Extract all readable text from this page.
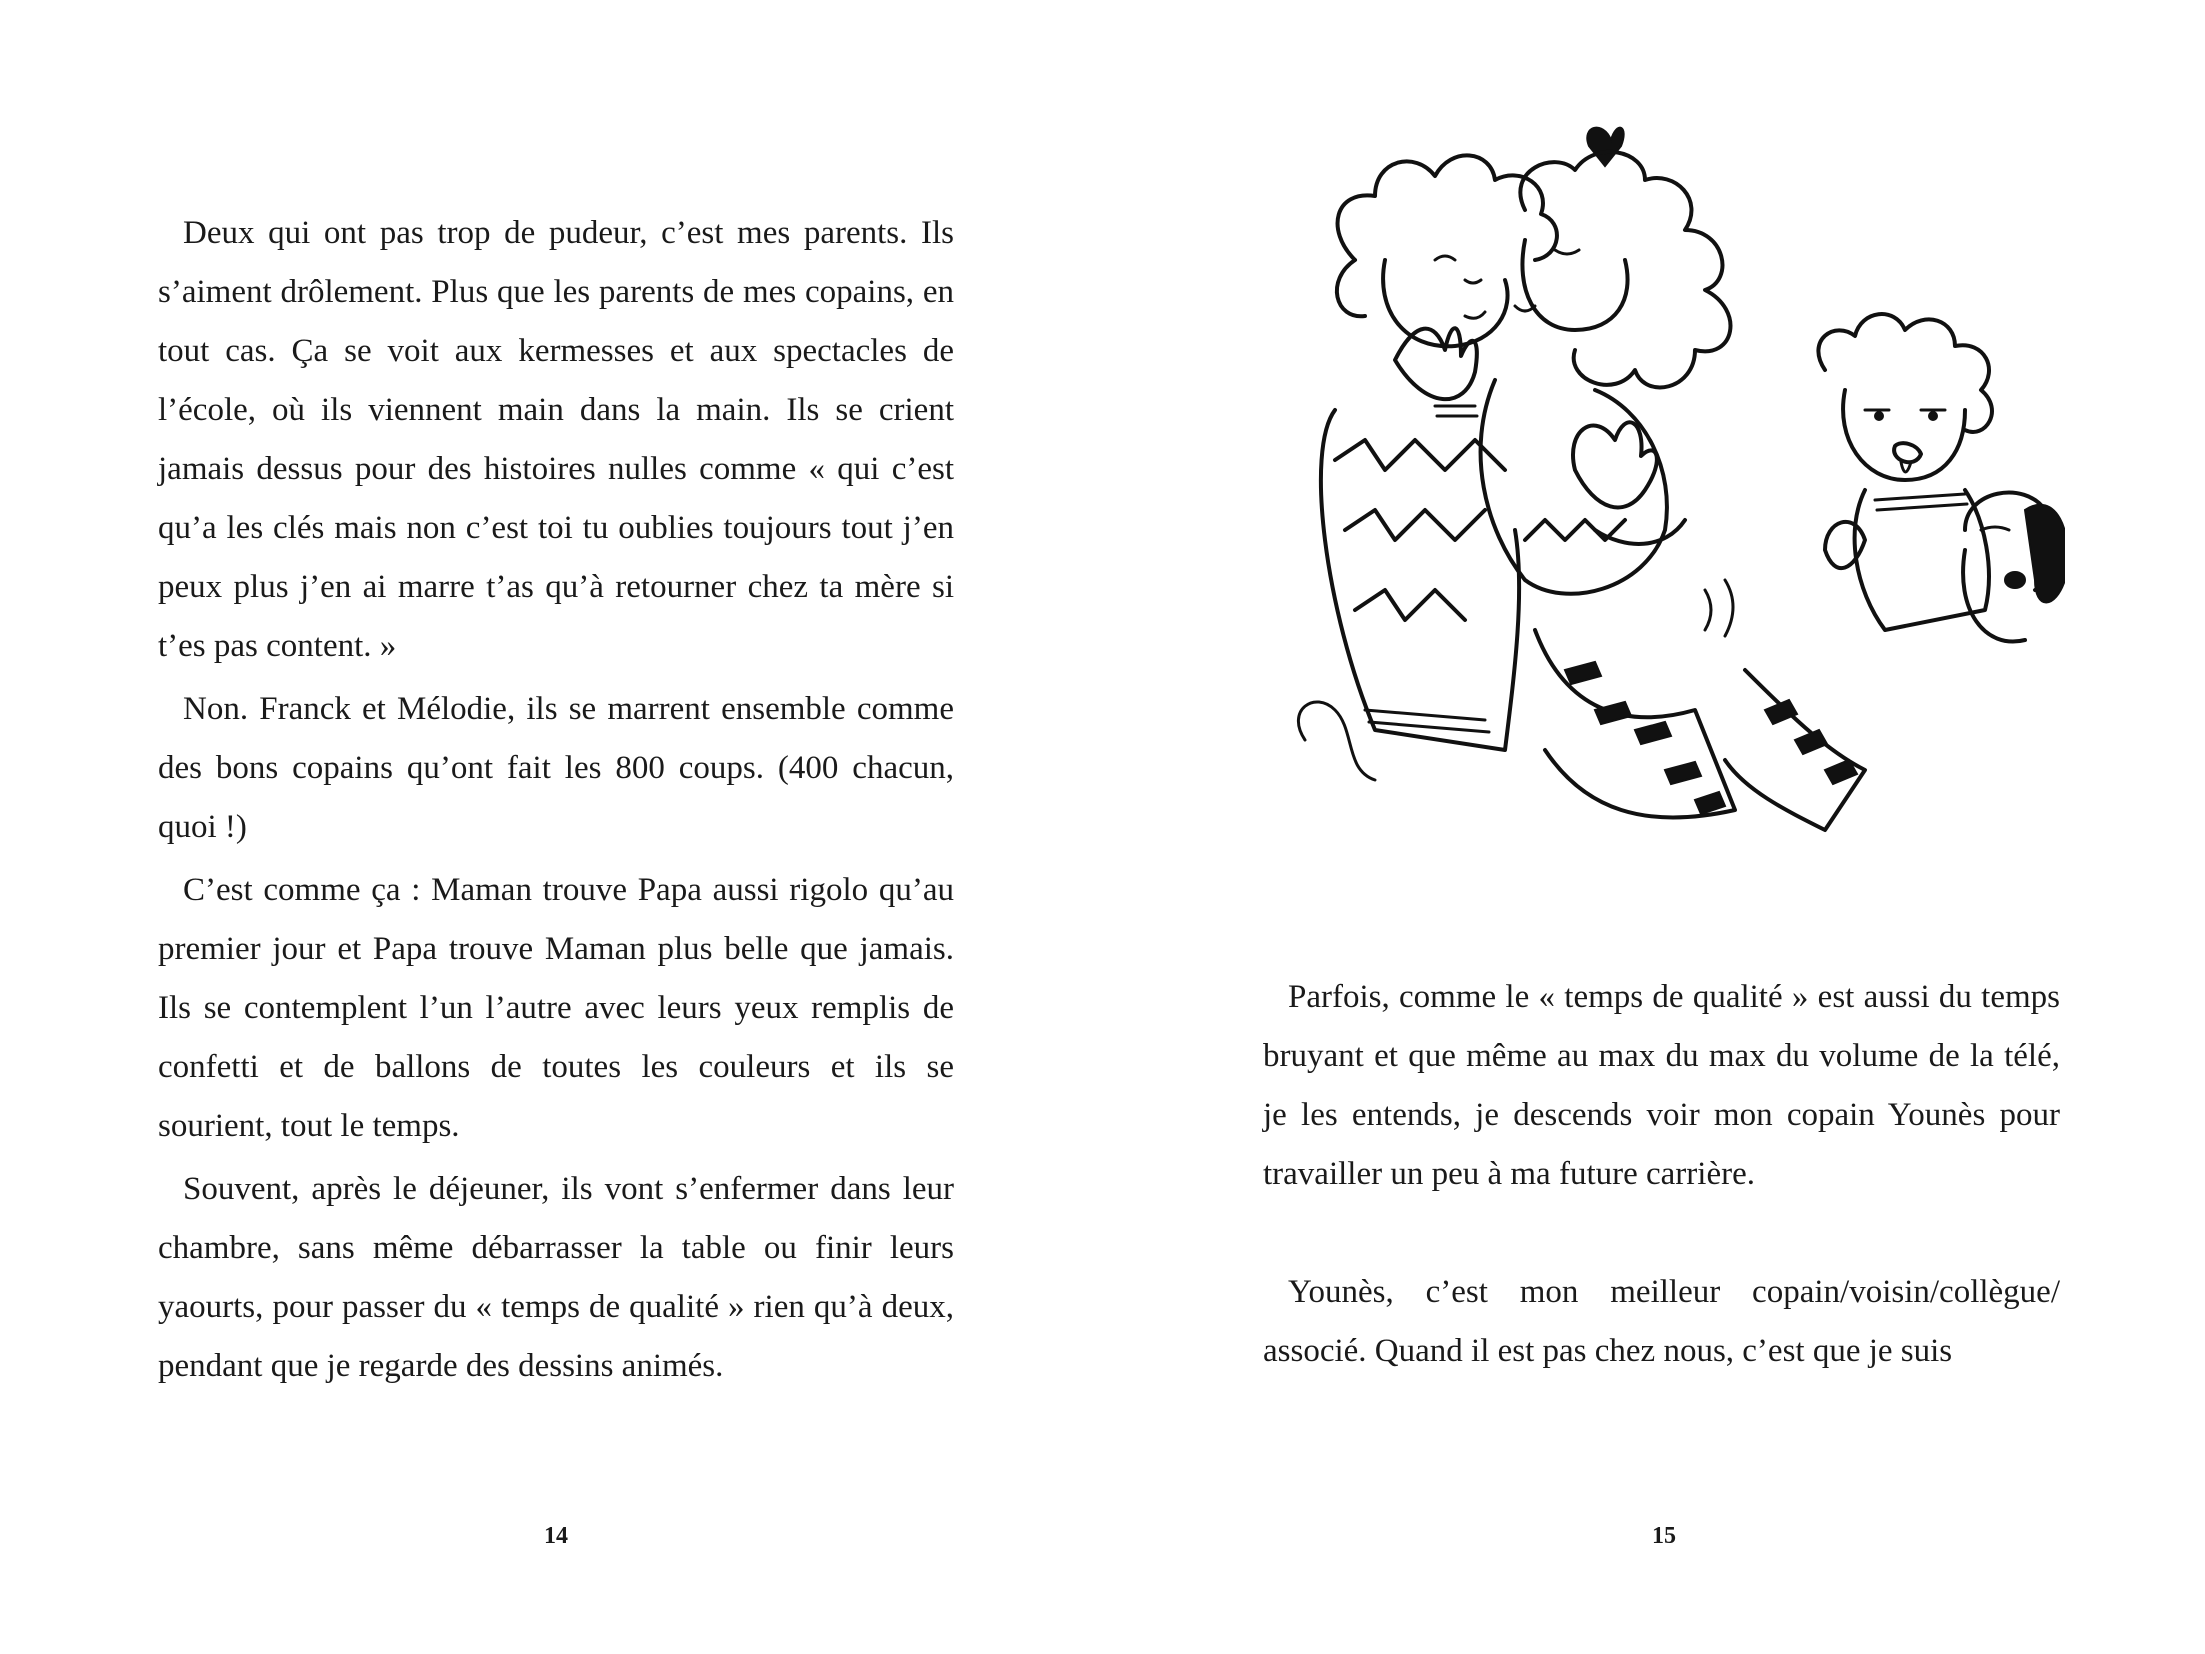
Deux qui ont pas trop de pudeur, c’est mes parents. Ils s’aiment drôlement. Plus que les parents de mes copains, en tout cas. Ça se voit aux kermesses et aux spectacles de l’école, où ils viennent main dans la main. Ils se crient jamais dessus pour des histoires nulles comme « qui c’est qu’a les clés mais non c’est toi tu oublies toujours tout j’en peux plus j’en ai marre t’as qu’à retourner chez ta mère si t’es pas content. »

Non. Franck et Mélodie, ils se marrent ensemble comme des bons copains qu’ont fait les 800 coups. (400 chacun, quoi !)

C’est comme ça : Maman trouve Papa aussi rigolo qu’au premier jour et Papa trouve Maman plus belle que jamais. Ils se contemplent l’un l’autre avec leurs yeux remplis de confetti et de ballons de toutes les couleurs et ils se sourient, tout le temps.

Souvent, après le déjeuner, ils vont s’enfermer dans leur chambre, sans même débarrasser la table ou finir leurs yaourts, pour passer du « temps de qualité » rien qu’à deux, pendant que je regarde des dessins animés.

14

Parfois, comme le « temps de qualité » est aussi du temps bruyant et que même au max du max du volume de la télé, je les entends, je descends voir mon copain Younès pour travailler un peu à ma future carrière.

Younès, c’est mon meilleur copain/voisin/collègue/ associé. Quand il est pas chez nous, c’est que je suis

15
